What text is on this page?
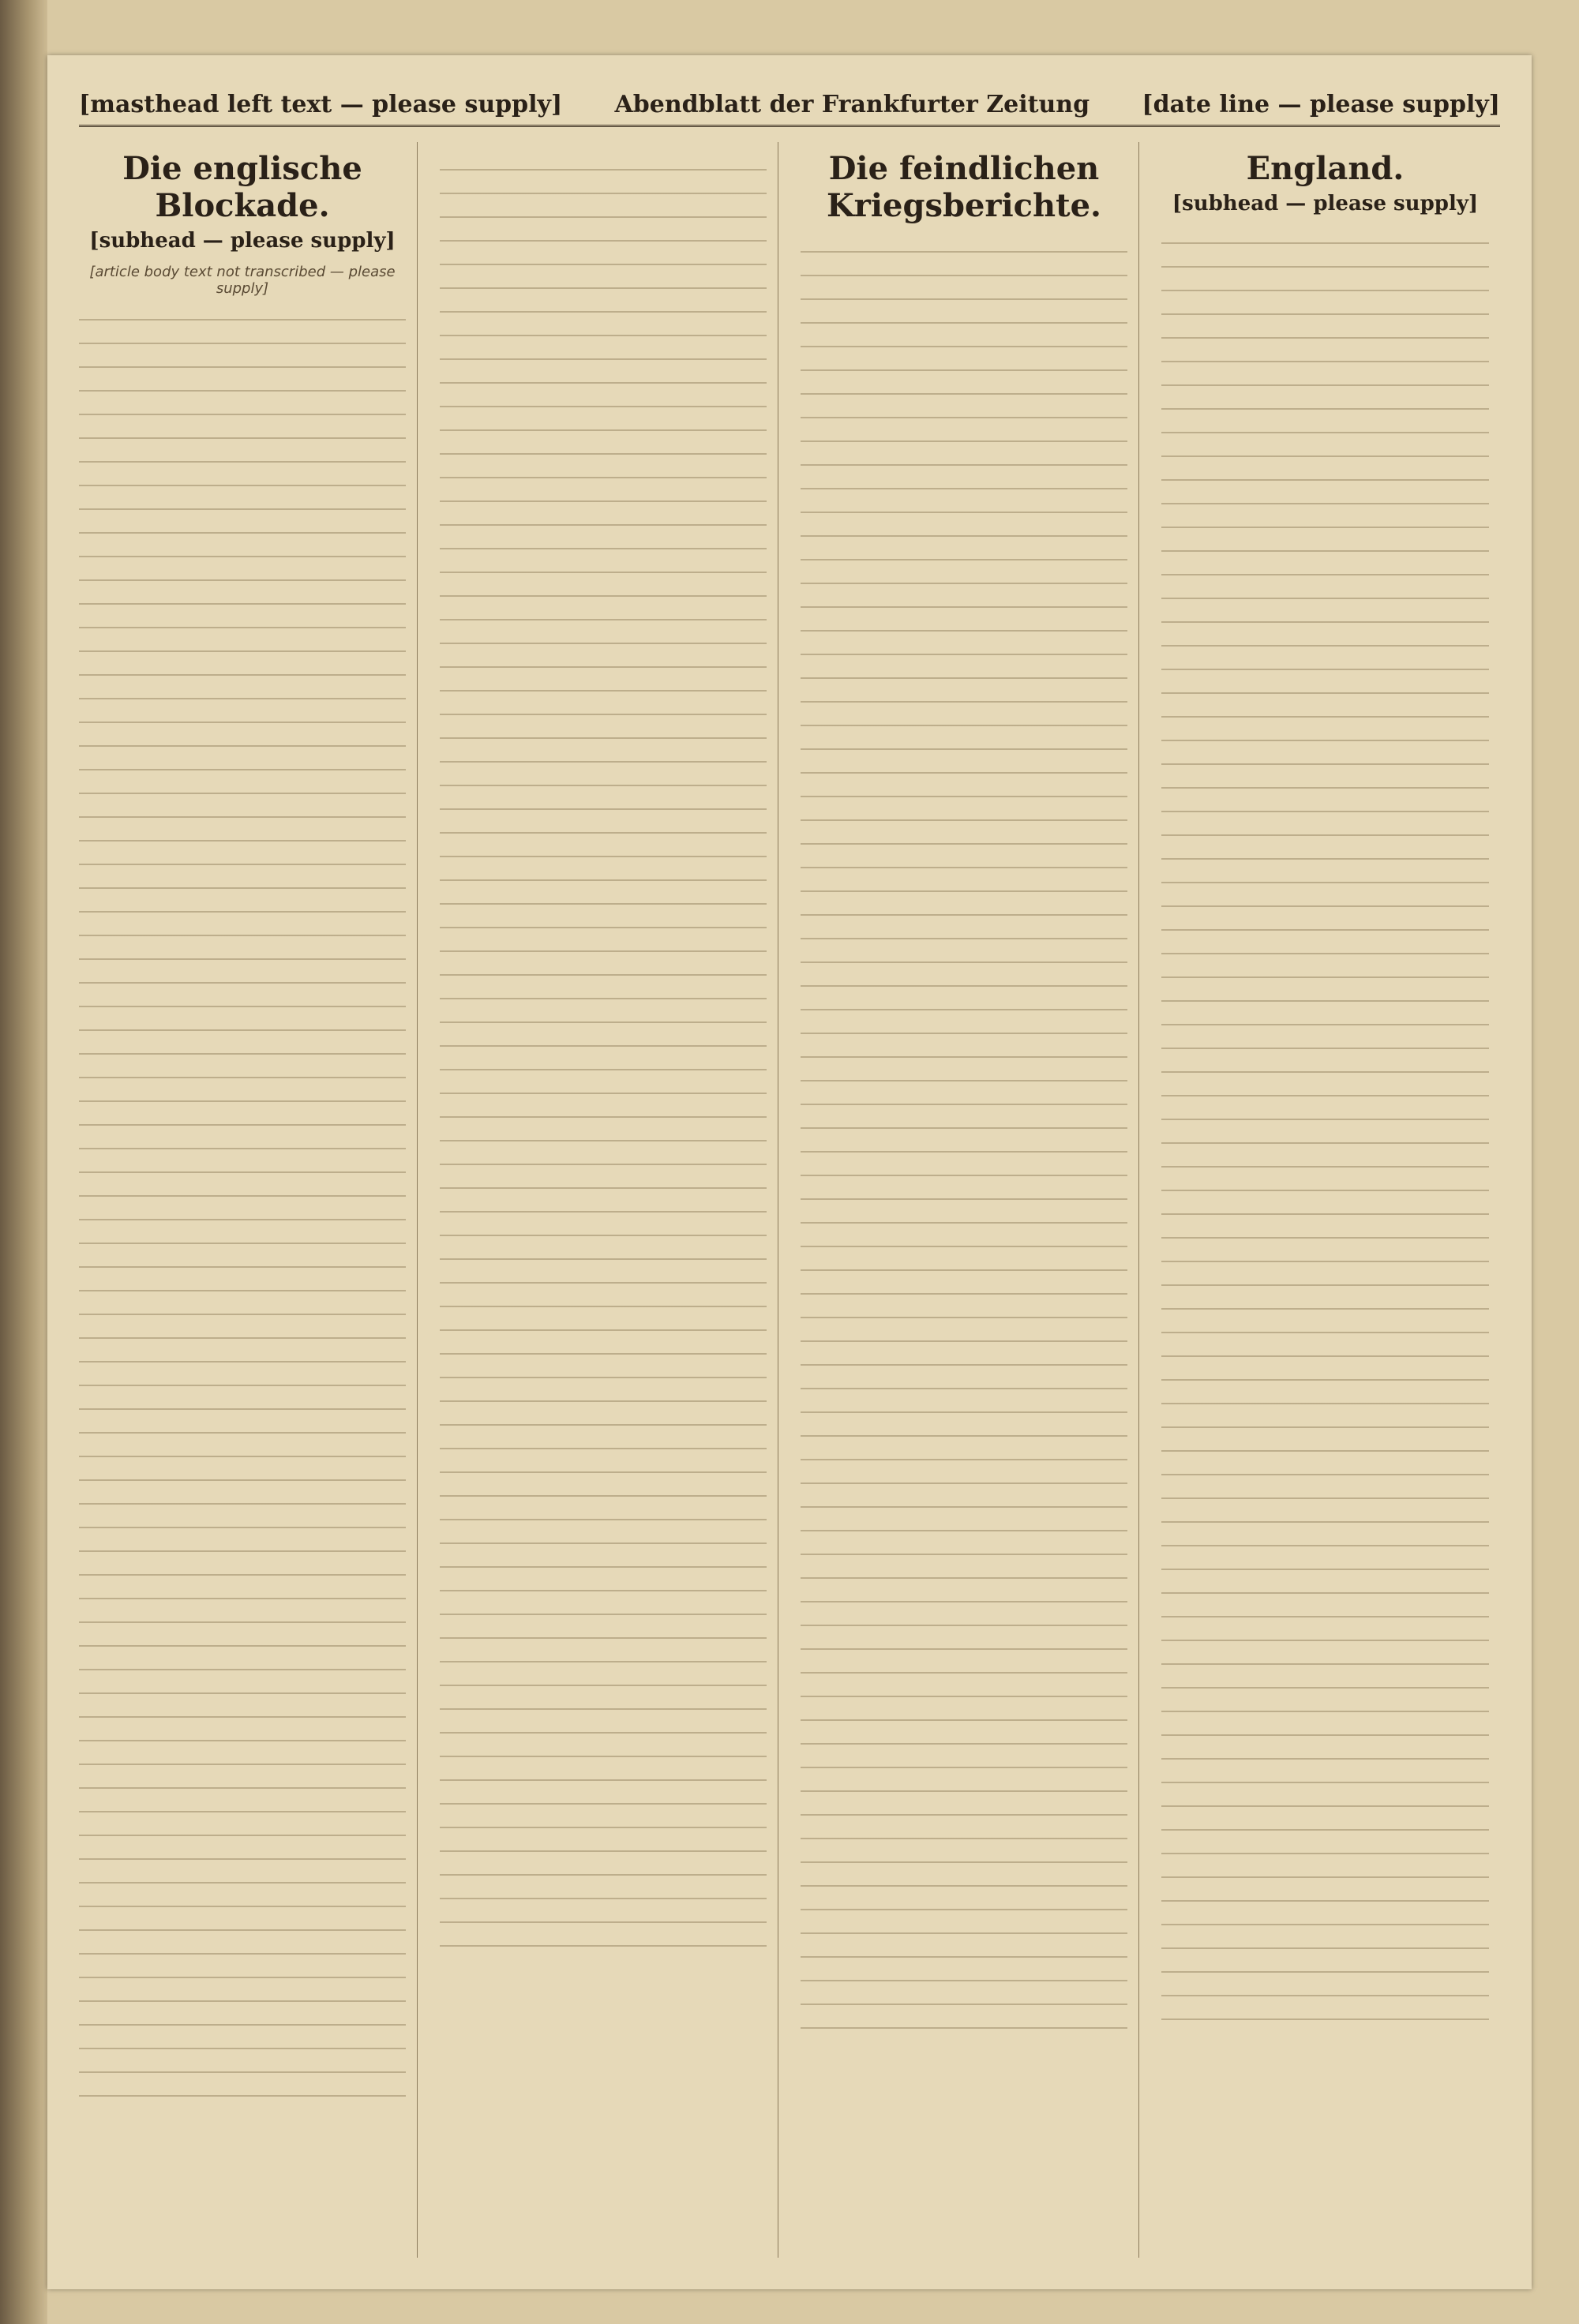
[masthead left text — please supply] Abendblatt der Frankfurter Zeitung [date line — please supply]
Die englische Blockade.
[subhead — please supply]
[article body text not transcribed — please supply]
Die feindlichen Kriegsberichte.
England.
[subhead — please supply]
